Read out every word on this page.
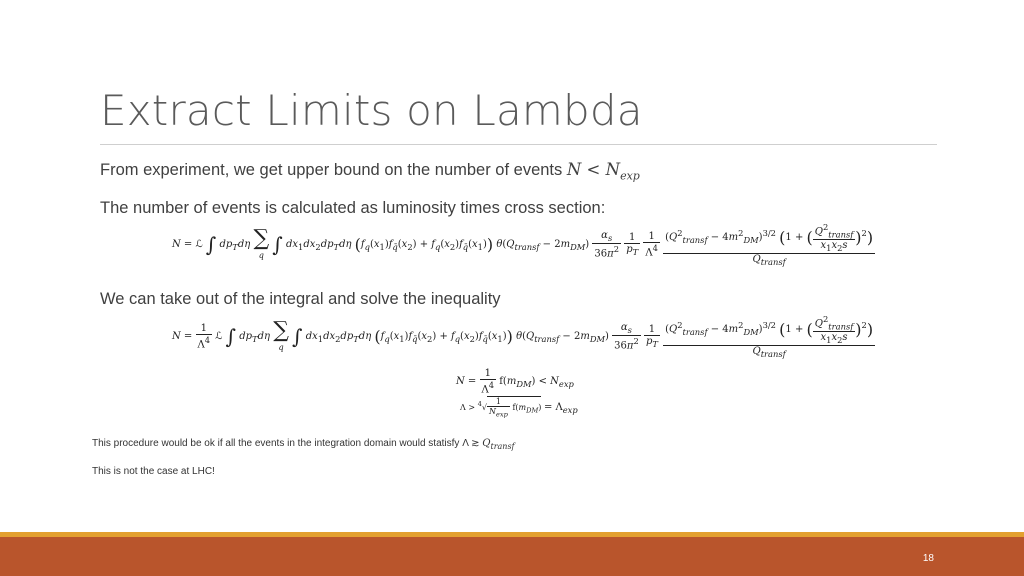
Extract Limits on Lambda
From experiment, we get upper bound on the number of events $N < N_{exp}$
The number of events is calculated as luminosity times cross section:
N = ℒ ∫ $dp_Td\eta$ ∑
q ∫ $dx_1dx_2dp_Td\eta$ $(f_q(x_1)f_{q̄}(x_2) + f_q(x_2)f_{q̄}(x_1)) \theta(Q_{transf} - 2m_{DM}) \frac{\alpha_s}{36\pi^2}$
$\frac{1}{p_T}$
$\frac{1}{\Lambda^4}$
$\frac{(Q^2_{transf} - 4m^2_{DM})^{3/2} (1 + ( \frac{Q^2_{transf}}{x_1x_2s} )^2)}{Q_{transf}}$
We can take out of the integral and solve the inequality
$N = \frac{1}{\Lambda^4}$ ℒ ∫ $dp_Td\eta$ ∑
q ∫ $dx_1dx_2dp_Td\eta$ $(f_q(x_1)f_{q̄}(x_2) + f_q(x_2)f_{q̄}(x_1)) \theta(Q_{transf} - 2m_{DM}) \frac{\alpha_s}{36\pi^2}$
$\frac{1}{p_T}$
$\frac{(Q^2_{transf} - 4m^2_{DM})^{3/2} (1 + ( \frac{Q^2_{transf}}{x_1x_2s} )^2)}{Q_{transf}}$
$N = \frac{1}{\Lambda^4} f(m_{DM}) < N_{exp}$
$\Lambda > ^4√ \frac{1}{N_{exp}} f(m_{DM}) = \Lambda_{exp}$
This procedure would be ok if all the events in the integration domain would statisfy Λ ≳ $Q_{transf}$
This is not the case at LHC!
18
